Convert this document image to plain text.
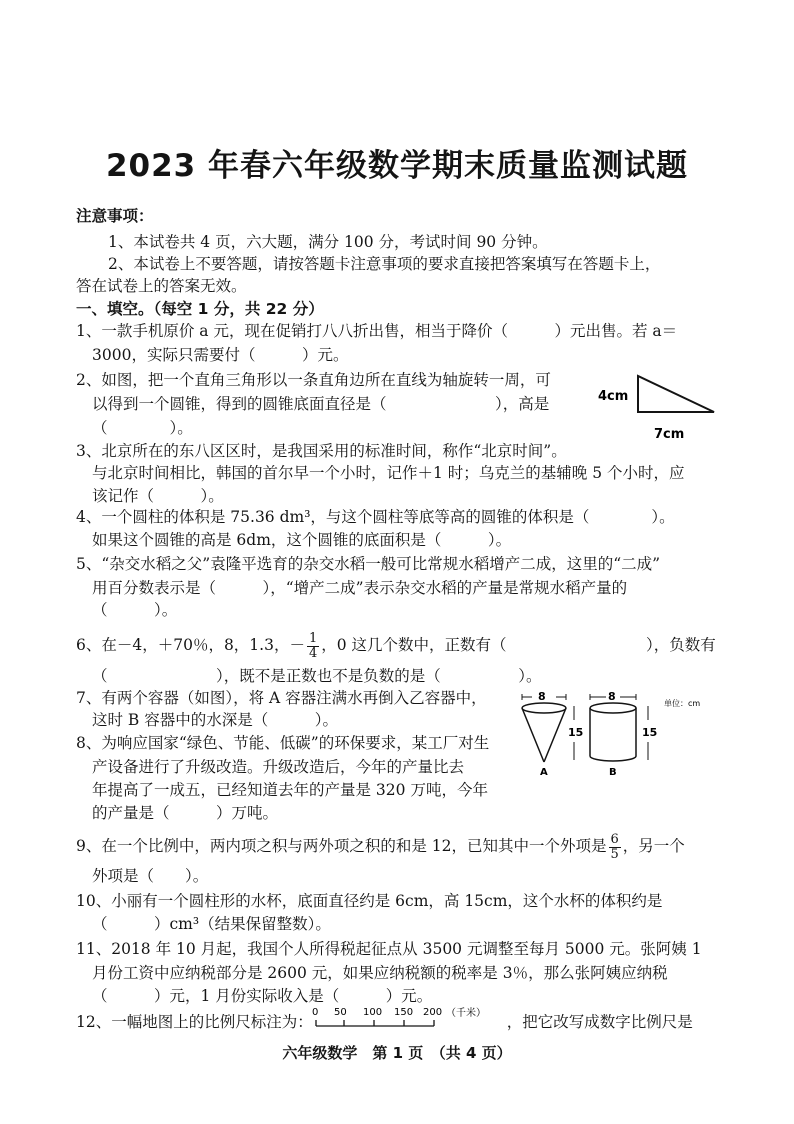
2023 年春六年级数学期末质量监测试题
注意事项：
1、本试卷共 4 页，六大题，满分 100 分，考试时间 90 分钟。
2、本试卷上不要答题，请按答题卡注意事项的要求直接把答案填写在答题卡上，
答在试卷上的答案无效。
一、填空。（每空 1 分，共 22 分）
1、一款手机原价 a 元，现在促销打八八折出售，相当于降价（　　　）元出售。若 a＝
3000，实际只需要付（　　　）元。
2、如图，把一个直角三角形以一条直角边所在直线为轴旋转一周，可
以得到一个圆锥，得到的圆锥底面直径是（　　　　　　　），高是
（　　　　）。
4cm
7cm
3、北京所在的东八区区时，是我国采用的标准时间，称作“北京时间”。
与北京时间相比，韩国的首尔早一个小时，记作＋1 时；乌克兰的基辅晚 5 个小时，应
该记作（　　　）。
4、一个圆柱的体积是 75.36 dm³，与这个圆柱等底等高的圆锥的体积是（　　　　）。
如果这个圆锥的高是 6dm，这个圆锥的底面积是（　　　）。
5、“杂交水稻之父”袁隆平选育的杂交水稻一般可比常规水稻增产二成，这里的“二成”
用百分数表示是（　　　），“增产二成”表示杂交水稻的产量是常规水稻产量的
（　　　）。
6、在－4，＋70％，8，1.3，－ $\frac{1}{4}$ ，0 这几个数中，正数有（　　　　　　　　　），负数有
（　　　　　　　），既不是正数也不是负数的是（　　　　　）。
7、有两个容器（如图），将 A 容器注满水再倒入乙容器中，
这时 B 容器中的水深是（　　　）。
8
A
15
8
B
15
单位：cm
8、为响应国家“绿色、节能、低碳”的环保要求，某工厂对生
产设备进行了升级改造。升级改造后，今年的产量比去
年提高了一成五，已经知道去年的产量是 320 万吨，今年
的产量是（　　　）万吨。
9、在一个比例中，两内项之积与两外项之积的和是 12，已知其中一个外项是 $\frac{6}{5}$ ，另一个
外项是（　　）。
10、小丽有一个圆柱形的水杯，底面直径约是 6cm，高 15cm，这个水杯的体积约是
（　　　）cm³（结果保留整数）。
11、2018 年 10 月起，我国个人所得税起征点从 3500 元调整至每月 5000 元。张阿姨 1
月份工资中应纳税部分是 2600 元，如果应纳税额的税率是 3％，那么张阿姨应纳税
（　　　）元，1 月份实际收入是（　　　）元。
12、一幅地图上的比例尺标注为：	，把它改写成数字比例尺是
0 50 100 150 200 （千米）
六年级数学　第 1 页　（共 4 页）
